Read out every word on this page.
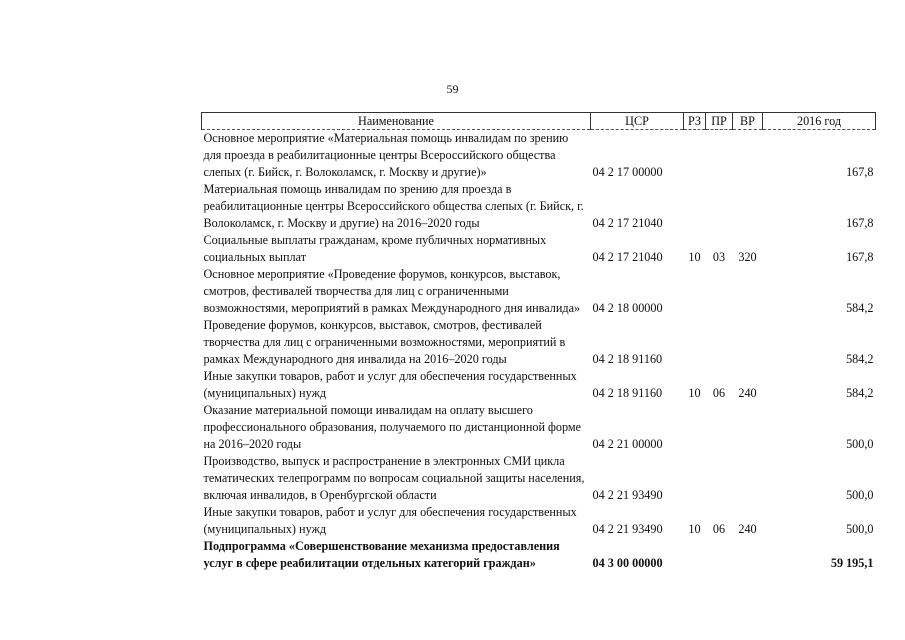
59
Наименование	ЦСР	РЗ	ПР	ВР	2016 год
Основное мероприятие «Материальная помощь инвалидам по зрению для проезда в реабилитационные центры Всероссийского общества слепых (г. Бийск, г. Волоколамск, г. Москву и другие)»	04 2 17 00000				167,8
Материальная помощь инвалидам по зрению для проезда в реабилитационные центры Всероссийского общества слепых (г. Бийск, г. Волоколамск, г. Москву и другие) на 2016–2020 годы	04 2 17 21040				167,8
Социальные выплаты гражданам, кроме публичных нормативных социальных выплат	04 2 17 21040	10	03	320	167,8
Основное мероприятие «Проведение форумов, конкурсов, выставок, смотров, фестивалей творчества для лиц с ограниченными возможностями, мероприятий в рамках Международного дня инвалида»	04 2 18 00000				584,2
Проведение форумов, конкурсов, выставок, смотров, фестивалей творчества для лиц с ограниченными возможностями, мероприятий в рамках Международного дня инвалида на 2016–2020 годы	04 2 18 91160				584,2
Иные закупки товаров, работ и услуг для обеспечения государственных (муниципальных) нужд	04 2 18 91160	10	06	240	584,2
Оказание материальной помощи инвалидам на оплату высшего профессионального образования, получаемого по дистанционной форме на 2016–2020 годы	04 2 21 00000				500,0
Производство, выпуск и распространение в электронных СМИ цикла тематических телепрограмм по вопросам социальной защиты населения, включая инвалидов, в Оренбургской области	04 2 21 93490				500,0
Иные закупки товаров, работ и услуг для обеспечения государственных (муниципальных) нужд	04 2 21 93490	10	06	240	500,0
Подпрограмма «Совершенствование механизма предоставления услуг в сфере реабилитации отдельных категорий граждан»	04 3 00 00000				59 195,1
